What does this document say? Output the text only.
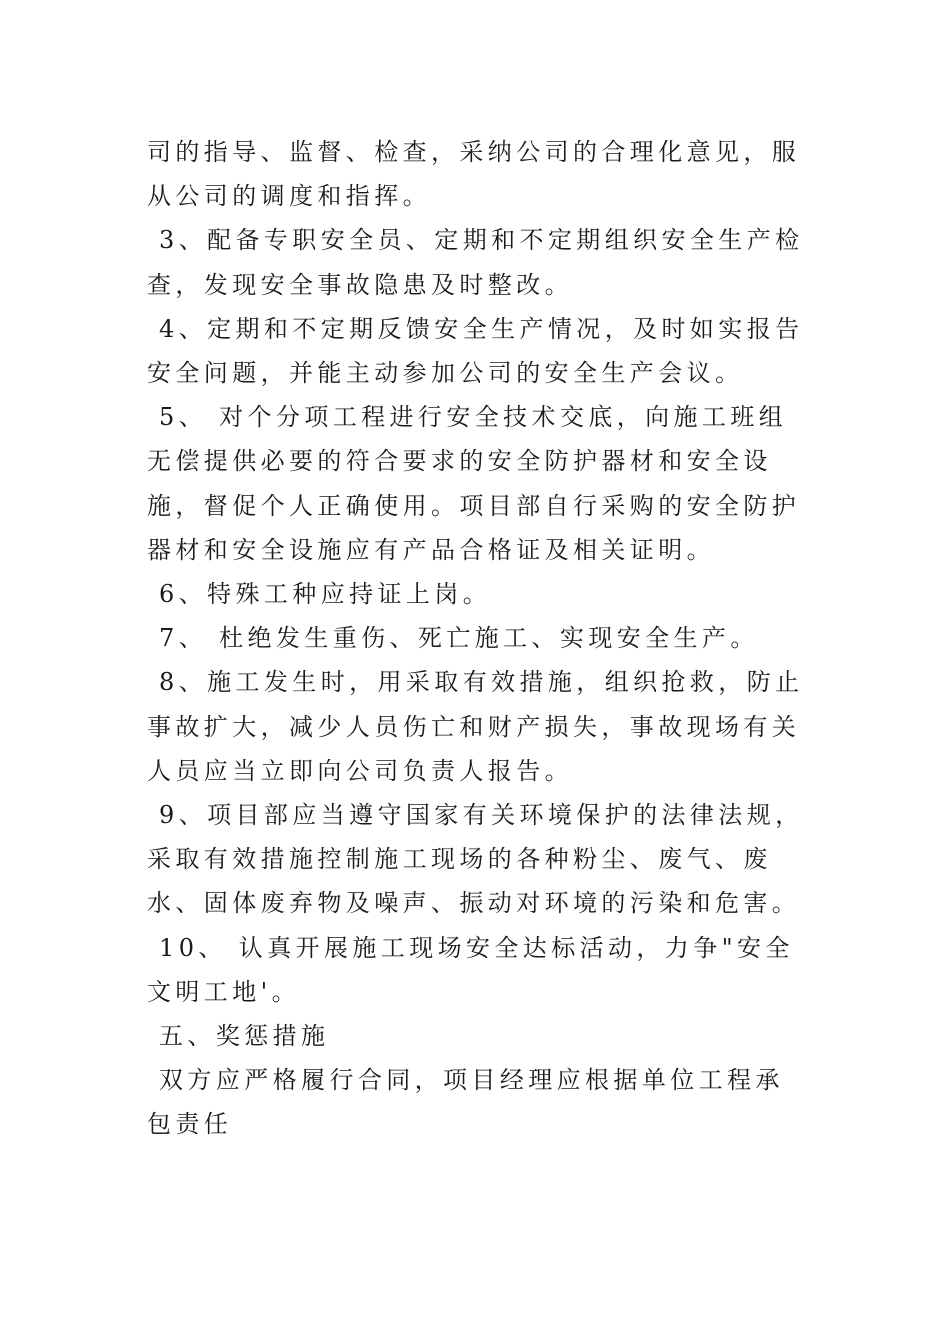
司的指导、监督、检查，采纳公司的合理化意见，服从公司的调度和指挥。

3、配备专职安全员、定期和不定期组织安全生产检查，发现安全事故隐患及时整改。

4、定期和不定期反馈安全生产情况，及时如实报告安全问题，并能主动参加公司的安全生产会议。

5、 对个分项工程进行安全技术交底，向施工班组无偿提供必要的符合要求的安全防护器材和安全设施，督促个人正确使用。项目部自行采购的安全防护器材和安全设施应有产品合格证及相关证明。

6、特殊工种应持证上岗。

7、 杜绝发生重伤、死亡施工、实现安全生产。

8、施工发生时，用采取有效措施，组织抢救，防止事故扩大，减少人员伤亡和财产损失，事故现场有关人员应当立即向公司负责人报告。

9、项目部应当遵守国家有关环境保护的法律法规，采取有效措施控制施工现场的各种粉尘、废气、废水、固体废弃物及噪声、振动对环境的污染和危害。

10、 认真开展施工现场安全达标活动，力争"安全文明工地'。

五、奖惩措施

双方应严格履行合同，项目经理应根据单位工程承包责任
